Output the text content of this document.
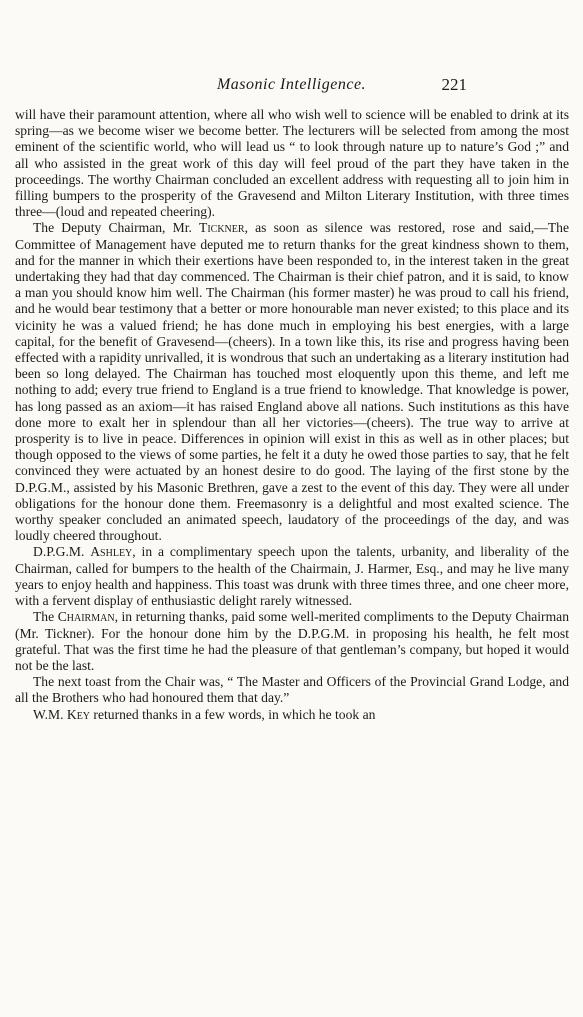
Masonic Intelligence.	221

will have their paramount attention, where all who wish well to science will be enabled to drink at its spring—as we become wiser we become better. The lecturers will be selected from among the most eminent of the scientific world, who will lead us “ to look through nature up to nature’s God ;” and all who assisted in the great work of this day will feel proud of the part they have taken in the proceedings. The worthy Chairman concluded an excellent address with requesting all to join him in filling bumpers to the prosperity of the Gravesend and Milton Literary Institution, with three times three—(loud and repeated cheering).

The Deputy Chairman, Mr. Tickner, as soon as silence was restored, rose and said,—The Committee of Management have deputed me to return thanks for the great kindness shown to them, and for the manner in which their exertions have been responded to, in the interest taken in the great undertaking they had that day commenced. The Chairman is their chief patron, and it is said, to know a man you should know him well. The Chairman (his former master) he was proud to call his friend, and he would bear testimony that a better or more honourable man never existed; to this place and its vicinity he was a valued friend; he has done much in employing his best energies, with a large capital, for the benefit of Gravesend—(cheers). In a town like this, its rise and progress having been effected with a rapidity unrivalled, it is wondrous that such an undertaking as a literary institution had been so long delayed. The Chairman has touched most eloquently upon this theme, and left me nothing to add; every true friend to England is a true friend to knowledge. That knowledge is power, has long passed as an axiom—it has raised England above all nations. Such institutions as this have done more to exalt her in splendour than all her victories—(cheers). The true way to arrive at prosperity is to live in peace. Differences in opinion will exist in this as well as in other places; but though opposed to the views of some parties, he felt it a duty he owed those parties to say, that he felt convinced they were actuated by an honest desire to do good. The laying of the first stone by the D.P.G.M., assisted by his Masonic Brethren, gave a zest to the event of this day. They were all under obligations for the honour done them. Freemasonry is a delightful and most exalted science. The worthy speaker concluded an animated speech, laudatory of the proceedings of the day, and was loudly cheered throughout.

D.P.G.M. Ashley, in a complimentary speech upon the talents, urbanity, and liberality of the Chairman, called for bumpers to the health of the Chairmain, J. Harmer, Esq., and may he live many years to enjoy health and happiness. This toast was drunk with three times three, and one cheer more, with a fervent display of enthusiastic delight rarely witnessed.

The Chairman, in returning thanks, paid some well-merited compliments to the Deputy Chairman (Mr. Tickner). For the honour done him by the D.P.G.M. in proposing his health, he felt most grateful. That was the first time he had the pleasure of that gentleman’s company, but hoped it would not be the last.

The next toast from the Chair was, “ The Master and Officers of the Provincial Grand Lodge, and all the Brothers who had honoured them that day.”

W.M. Key returned thanks in a few words, in which he took an
